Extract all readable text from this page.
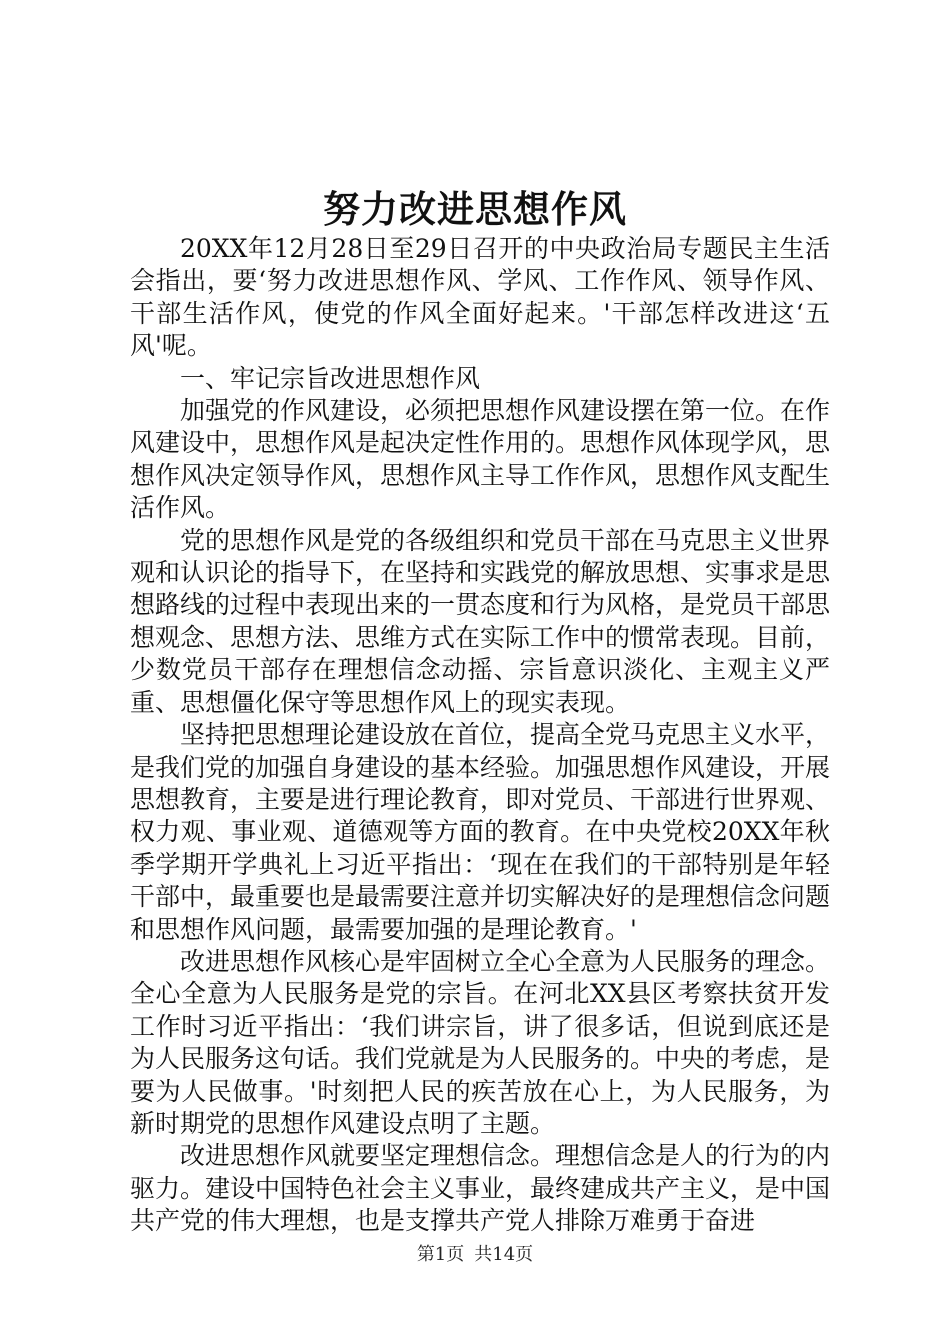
努力改进思想作风

20XX年12月28日至29日召开的中央政治局专题民主生活会指出，要‘努力改进思想作风、学风、工作作风、领导作风、干部生活作风，使党的作风全面好起来。'干部怎样改进这‘五风'呢。

一、牢记宗旨改进思想作风

加强党的作风建设，必须把思想作风建设摆在第一位。在作风建设中，思想作风是起决定性作用的。思想作风体现学风，思想作风决定领导作风，思想作风主导工作作风，思想作风支配生活作风。

党的思想作风是党的各级组织和党员干部在马克思主义世界观和认识论的指导下，在坚持和实践党的解放思想、实事求是思想路线的过程中表现出来的一贯态度和行为风格，是党员干部思想观念、思想方法、思维方式在实际工作中的惯常表现。目前，少数党员干部存在理想信念动摇、宗旨意识淡化、主观主义严重、思想僵化保守等思想作风上的现实表现。

坚持把思想理论建设放在首位，提高全党马克思主义水平，是我们党的加强自身建设的基本经验。加强思想作风建设，开展思想教育，主要是进行理论教育，即对党员、干部进行世界观、权力观、事业观、道德观等方面的教育。在中央党校20XX年秋季学期开学典礼上习近平指出：‘现在在我们的干部特别是年轻干部中，最重要也是最需要注意并切实解决好的是理想信念问题和思想作风问题，最需要加强的是理论教育。'

改进思想作风核心是牢固树立全心全意为人民服务的理念。全心全意为人民服务是党的宗旨。在河北XX县区考察扶贫开发工作时习近平指出：‘我们讲宗旨，讲了很多话，但说到底还是为人民服务这句话。我们党就是为人民服务的。中央的考虑，是要为人民做事。'时刻把人民的疾苦放在心上，为人民服务，为新时期党的思想作风建设点明了主题。

改进思想作风就要坚定理想信念。理想信念是人的行为的内驱力。建设中国特色社会主义事业，最终建成共产主义，是中国共产党的伟大理想，也是支撑共产党人排除万难勇于奋进

第1页 共14页
